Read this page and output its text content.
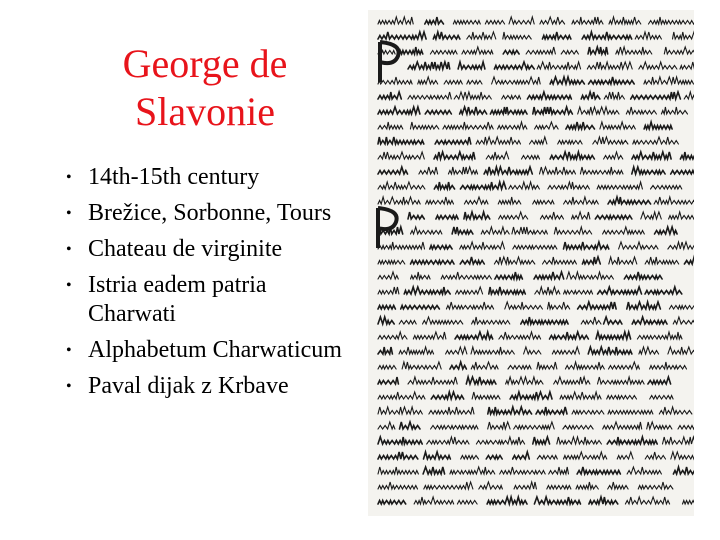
George de
Slavonie
• 14th-15th century
• Brežice, Sorbonne, Tours
• Chateau de virginite
• Istria eadem patria Charwati
• Alphabetum Charwaticum
• Paval dijak z Krbave
